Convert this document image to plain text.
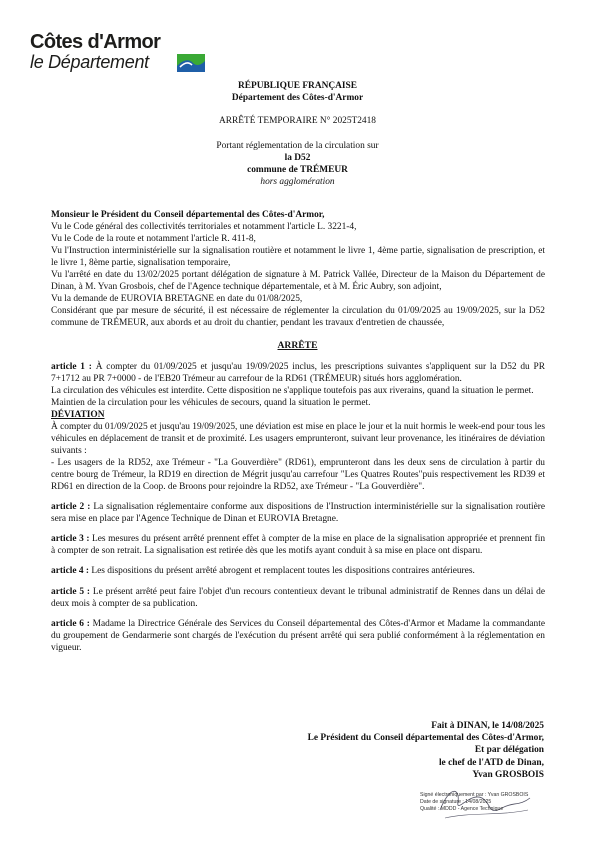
Côtes d'Armor
le Département
RÉPUBLIQUE FRANÇAISE
Département des Côtes-d'Armor
ARRÊTÉ TEMPORAIRE N° 2025T2418
Portant réglementation de la circulation sur
la D52
commune de TRÉMEUR
hors agglomération

Monsieur le Président du Conseil départemental des Côtes-d'Armor,

Vu le Code général des collectivités territoriales et notamment l'article L. 3221-4,

Vu le Code de la route et notamment l'article R. 411-8,

Vu l'Instruction interministérielle sur la signalisation routière et notamment le livre 1, 4ème partie, signalisation de prescription, et le livre 1, 8ème partie, signalisation temporaire,

Vu l'arrêté en date du 13/02/2025 portant délégation de signature à M. Patrick Vallée, Directeur de la Maison du Département de Dinan, à M. Yvan Grosbois, chef de l'Agence technique départementale, et à M. Éric Aubry, son adjoint,

Vu la demande de EUROVIA BRETAGNE en date du 01/08/2025,

Considérant que par mesure de sécurité, il est nécessaire de réglementer la circulation du 01/09/2025 au 19/09/2025, sur la D52 commune de TRÉMEUR, aux abords et au droit du chantier, pendant les travaux d'entretien de chaussée,

ARRÊTE

article 1 : À compter du 01/09/2025 et jusqu'au 19/09/2025 inclus, les prescriptions suivantes s'appliquent sur la D52 du PR 7+1712 au PR 7+0000 - de l'EB20 Trémeur au carrefour de la RD61 (TRÉMEUR) situés hors agglomération.

La circulation des véhicules est interdite. Cette disposition ne s'applique toutefois pas aux riverains, quand la situation le permet.

Maintien de la circulation pour les véhicules de secours, quand la situation le permet.

DÉVIATION

À compter du 01/09/2025 et jusqu'au 19/09/2025, une déviation est mise en place le jour et la nuit hormis le week-end pour tous les véhicules en déplacement de transit et de proximité. Les usagers emprunteront, suivant leur provenance, les itinéraires de déviation suivants :

- Les usagers de la RD52, axe Trémeur - "La Gouverdière" (RD61), emprunteront dans les deux sens de circulation à partir du centre bourg de Trémeur, la RD19 en direction de Mégrit jusqu'au carrefour "Les Quatres Routes"puis respectivement les RD39 et RD61 en direction de la Coop. de Broons pour rejoindre la RD52, axe Trémeur - "La Gouverdière".

article 2 : La signalisation réglementaire conforme aux dispositions de l'Instruction interministérielle sur la signalisation routière sera mise en place par l'Agence Technique de Dinan et EUROVIA Bretagne.

article 3 : Les mesures du présent arrêté prennent effet à compter de la mise en place de la signalisation appropriée et prennent fin à compter de son retrait. La signalisation est retirée dès que les motifs ayant conduit à sa mise en place ont disparu.

article 4 : Les dispositions du présent arrêté abrogent et remplacent toutes les dispositions contraires antérieures.

article 5 : Le présent arrêté peut faire l'objet d'un recours contentieux devant le tribunal administratif de Rennes dans un délai de deux mois à compter de sa publication.

article 6 : Madame la Directrice Générale des Services du Conseil départemental des Côtes-d'Armor et Madame la commandante du groupement de Gendarmerie sont chargés de l'exécution du présent arrêté qui sera publié conformément à la réglementation en vigueur.

Fait à DINAN, le 14/08/2025
Le Président du Conseil départemental des Côtes-d'Armor,
Et par délégation
le chef de l'ATD de Dinan,
Yvan GROSBOIS
Signé électroniquement par : Yvan GROSBOIS
Date de signature : 14/08/2025
Qualité : MDDD - Agence Technique
